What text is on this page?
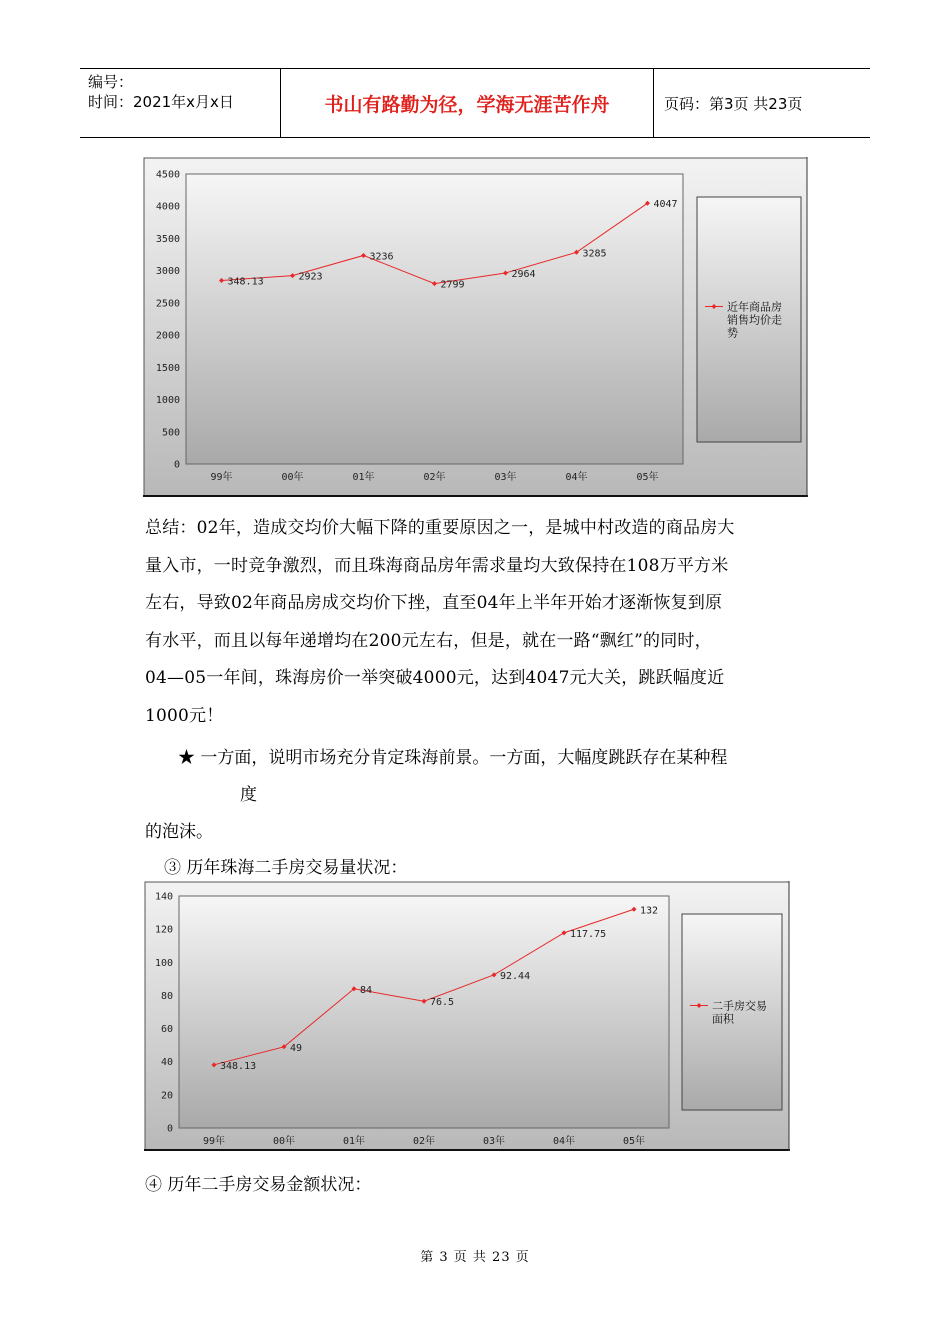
编号：
时间：2021年x月x日	书山有路勤为径，学海无涯苦作舟	页码：第3页 共23页
0
500
1000
1500
2000
2500
3000
3500
4000
4500
99年	00年	01年	02年	03年	04年	05年
348.13	2923
3236
2799
2964
3285
4047
近年商品房
销售均价走
势
总结：02年，造成交均价大幅下降的重要原因之一，是城中村改造的商品房大
量入市，一时竞争激烈，而且珠海商品房年需求量均大致保持在108万平方米
左右，导致02年商品房成交均价下挫，直至04年上半年开始才逐渐恢复到原
有水平，而且以每年递增均在200元左右，但是，就在一路“飘红”的同时，
04—05一年间，珠海房价一举突破4000元，达到4047元大关，跳跃幅度近
1000元！
★ 一方面，说明市场充分肯定珠海前景。一方面，大幅度跳跃存在某种程
度
的泡沫。
③ 历年珠海二手房交易量状况：
0
20
40
60
80
100
120
140
99年	00年	01年	02年	03年	04年	05年
348.13
49
84
76.5
92.44
117.75
132
二手房交易
面积
④ 历年二手房交易金额状况：
第 3 页 共 23 页
